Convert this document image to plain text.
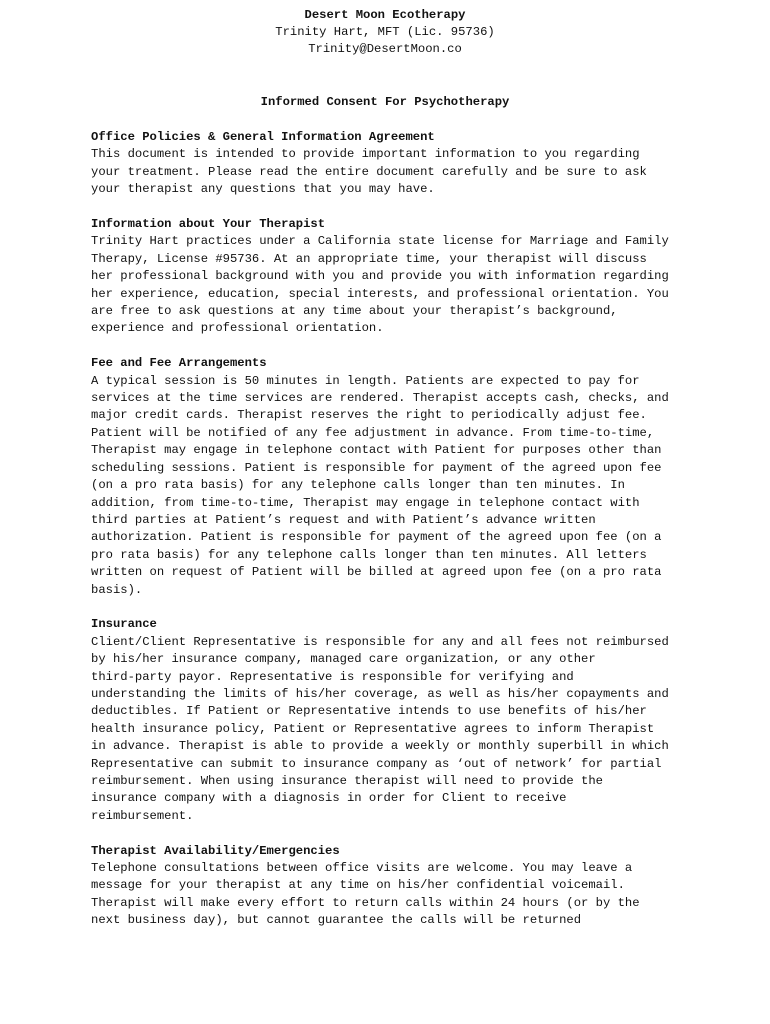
Desert Moon Ecotherapy
Trinity Hart, MFT (Lic. 95736)
Trinity@DesertMoon.co
Informed Consent For Psychotherapy
Office Policies & General Information Agreement

This document is intended to provide important information to you regarding
your treatment. Please read the entire document carefully and be sure to ask
your therapist any questions that you may have.

Information about Your Therapist

Trinity Hart practices under a California state license for Marriage and Family
Therapy, License #95736. At an appropriate time, your therapist will discuss
her professional background with you and provide you with information regarding
her experience, education, special interests, and professional orientation. You
are free to ask questions at any time about your therapist’s background,
experience and professional orientation.

Fee and Fee Arrangements

A typical session is 50 minutes in length. Patients are expected to pay for
services at the time services are rendered. Therapist accepts cash, checks, and
major credit cards. Therapist reserves the right to periodically adjust fee.
Patient will be notified of any fee adjustment in advance. From time-to-time,
Therapist may engage in telephone contact with Patient for purposes other than
scheduling sessions. Patient is responsible for payment of the agreed upon fee
(on a pro rata basis) for any telephone calls longer than ten minutes. In
addition, from time-to-time, Therapist may engage in telephone contact with
third parties at Patient’s request and with Patient’s advance written
authorization. Patient is responsible for payment of the agreed upon fee (on a
pro rata basis) for any telephone calls longer than ten minutes. All letters
written on request of Patient will be billed at agreed upon fee (on a pro rata
basis).

Insurance

Client/Client Representative is responsible for any and all fees not reimbursed
by his/her insurance company, managed care organization, or any other
third-party payor. Representative is responsible for verifying and
understanding the limits of his/her coverage, as well as his/her copayments and
deductibles. If Patient or Representative intends to use benefits of his/her
health insurance policy, Patient or Representative agrees to inform Therapist
in advance. Therapist is able to provide a weekly or monthly superbill in which
Representative can submit to insurance company as ‘out of network’ for partial
reimbursement. When using insurance therapist will need to provide the
insurance company with a diagnosis in order for Client to receive
reimbursement.

Therapist Availability/Emergencies

Telephone consultations between office visits are welcome. You may leave a
message for your therapist at any time on his/her confidential voicemail.
Therapist will make every effort to return calls within 24 hours (or by the
next business day), but cannot guarantee the calls will be returned
